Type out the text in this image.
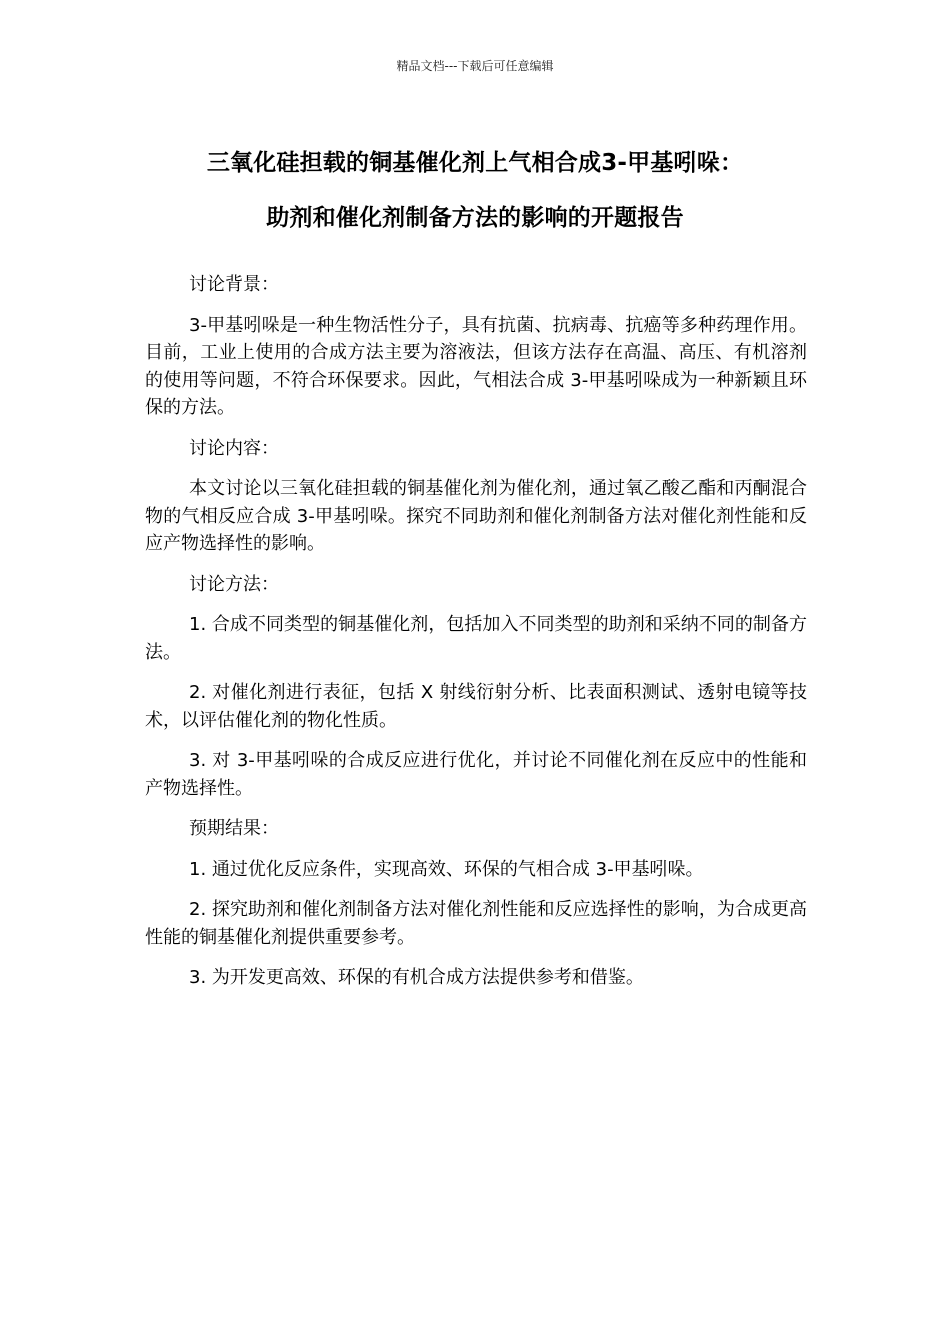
精品文档---下载后可任意编辑
三氧化硅担载的铜基催化剂上气相合成3-甲基吲哚：
助剂和催化剂制备方法的影响的开题报告

讨论背景：

3-甲基吲哚是一种生物活性分子，具有抗菌、抗病毒、抗癌等多种药理作用。目前，工业上使用的合成方法主要为溶液法，但该方法存在高温、高压、有机溶剂的使用等问题，不符合环保要求。因此，气相法合成 3-甲基吲哚成为一种新颖且环保的方法。

讨论内容：

本文讨论以三氧化硅担载的铜基催化剂为催化剂，通过氧乙酸乙酯和丙酮混合物的气相反应合成 3-甲基吲哚。探究不同助剂和催化剂制备方法对催化剂性能和反应产物选择性的影响。

讨论方法：

1. 合成不同类型的铜基催化剂，包括加入不同类型的助剂和采纳不同的制备方法。

2. 对催化剂进行表征，包括 X 射线衍射分析、比表面积测试、透射电镜等技术，以评估催化剂的物化性质。

3. 对 3-甲基吲哚的合成反应进行优化，并讨论不同催化剂在反应中的性能和产物选择性。

预期结果：

1. 通过优化反应条件，实现高效、环保的气相合成 3-甲基吲哚。

2. 探究助剂和催化剂制备方法对催化剂性能和反应选择性的影响，为合成更高性能的铜基催化剂提供重要参考。

3. 为开发更高效、环保的有机合成方法提供参考和借鉴。
